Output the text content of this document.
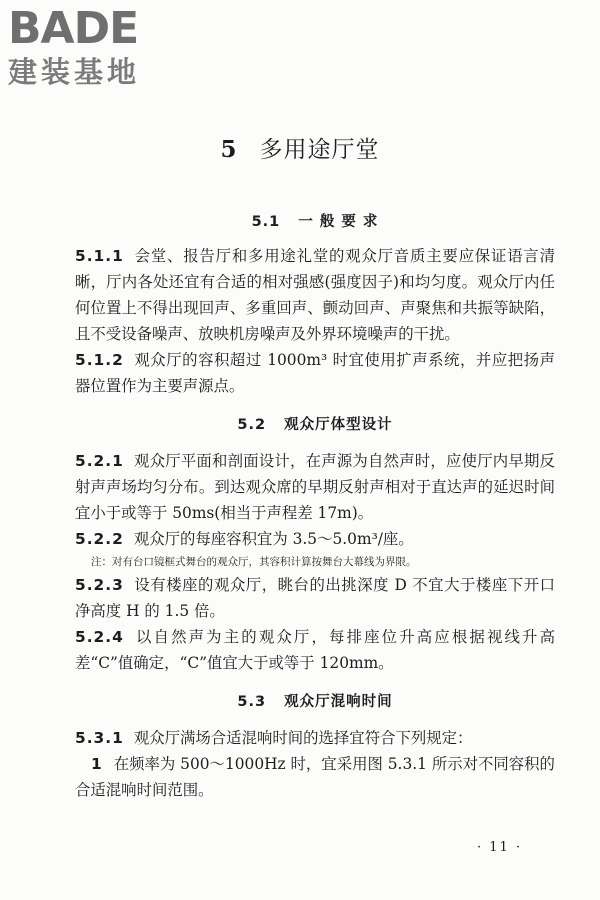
BADE
建装基地
5 多用途厅堂
5.1 一 般 要 求

5.1.1 会堂、报告厅和多用途礼堂的观众厅音质主要应保证语言清晰，厅内各处还宜有合适的相对强感(强度因子)和均匀度。观众厅内任何位置上不得出现回声、多重回声、颤动回声、声聚焦和共振等缺陷，且不受设备噪声、放映机房噪声及外界环境噪声的干扰。

5.1.2 观众厅的容积超过 1000m³ 时宜使用扩声系统，并应把扬声器位置作为主要声源点。

5.2 观众厅体型设计

5.2.1 观众厅平面和剖面设计，在声源为自然声时，应使厅内早期反射声声场均匀分布。到达观众席的早期反射声相对于直达声的延迟时间宜小于或等于 50ms(相当于声程差 17m)。

5.2.2 观众厅的每座容积宜为 3.5～5.0m³/座。

注：对有台口镜框式舞台的观众厅，其容积计算按舞台大幕线为界限。

5.2.3 设有楼座的观众厅，眺台的出挑深度 D 不宜大于楼座下开口净高度 H 的 1.5 倍。

5.2.4 以自然声为主的观众厅，每排座位升高应根据视线升高差“C”值确定，“C”值宜大于或等于 120mm。

5.3 观众厅混响时间

5.3.1 观众厅满场合适混响时间的选择宜符合下列规定：

1 在频率为 500～1000Hz 时，宜采用图 5.3.1 所示对不同容积的合适混响时间范围。

· 11 ·
